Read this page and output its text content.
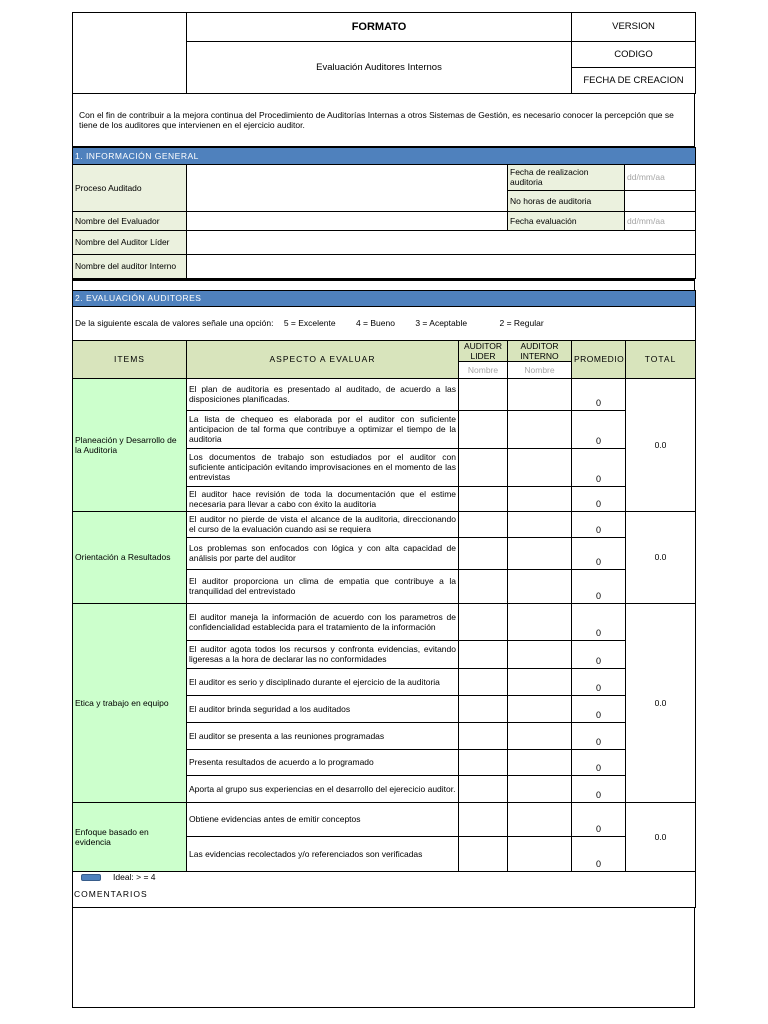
	FORMATO	VERSION
	Evaluación Auditores Internos	CODIGO
		FECHA DE CREACION
Con el fin de contribuir a la mejora continua del Procedimiento de Auditorías Internas a otros Sistemas de Gestión, es necesario conocer la percepción que se tiene de los auditores que intervienen en el ejercicio auditor.
1. INFORMACIÓN GENERAL			
Proceso Auditado		Fecha de realizacion auditoria	dd/mm/aa
		No horas de auditoria	
Nombre del Evaluador		Fecha evaluación	dd/mm/aa
Nombre del Auditor Líder			
Nombre del auditor Interno			
2. EVALUACIÓN AUDITORES					
De la siguiente escala de valores señale una opción: 5 = Excelente 4 = Bueno 3 = Aceptable 2 = Regular					
ITEMS	ASPECTO A EVALUAR	AUDITOR LIDER	AUDITOR INTERNO	PROMEDIO	TOTAL
		Nombre	Nombre		
Planeación y Desarrollo de la Auditoria	El plan de auditoria es presentado al auditado, de acuerdo a las disposiciones planificadas.			0	0.0
	La lista de chequeo es elaborada por el auditor con suficiente anticipacion de tal forma que contribuye a optimizar el tiempo de la auditoria			0	
	Los documentos de trabajo son estudiados por el auditor con suficiente anticipación evitando improvisaciones en el momento de las entrevistas			0	
	El auditor hace revisión de toda la documentación que el estime necesaria para llevar a cabo con éxito la auditoria			0	
Orientación a Resultados	El auditor no pierde de vista el alcance de la auditoria, direccionando el curso de la evaluación cuando asi se requiera			0	0.0
	Los problemas son enfocados con lógica y con alta capacidad de análisis por parte del auditor			0	
	El auditor proporciona un clima de empatia que contribuye a la tranquilidad del entrevistado			0	
Etica y trabajo en equipo	El auditor maneja la información de acuerdo con los parametros de confidencialidad establecida para el tratamiento de la información			0	0.0
	El auditor agota todos los recursos y confronta evidencias, evitando ligeresas a la hora de declarar las no conformidades			0	
	El auditor es serio y disciplinado durante el ejercicio de la auditoria			0	
	El auditor brinda seguridad a los auditados			0	
	El auditor se presenta a las reuniones programadas			0	
	Presenta resultados de acuerdo a lo programado			0	
	Aporta al grupo sus experiencias en el desarrollo del ejerecicio auditor.			0	
Enfoque basado en evidencia	Obtiene evidencias antes de emitir conceptos			0	0.0
	Las evidencias recolectados y/o referenciados son verificadas			0	
Ideal: > = 4					
COMENTARIOS
